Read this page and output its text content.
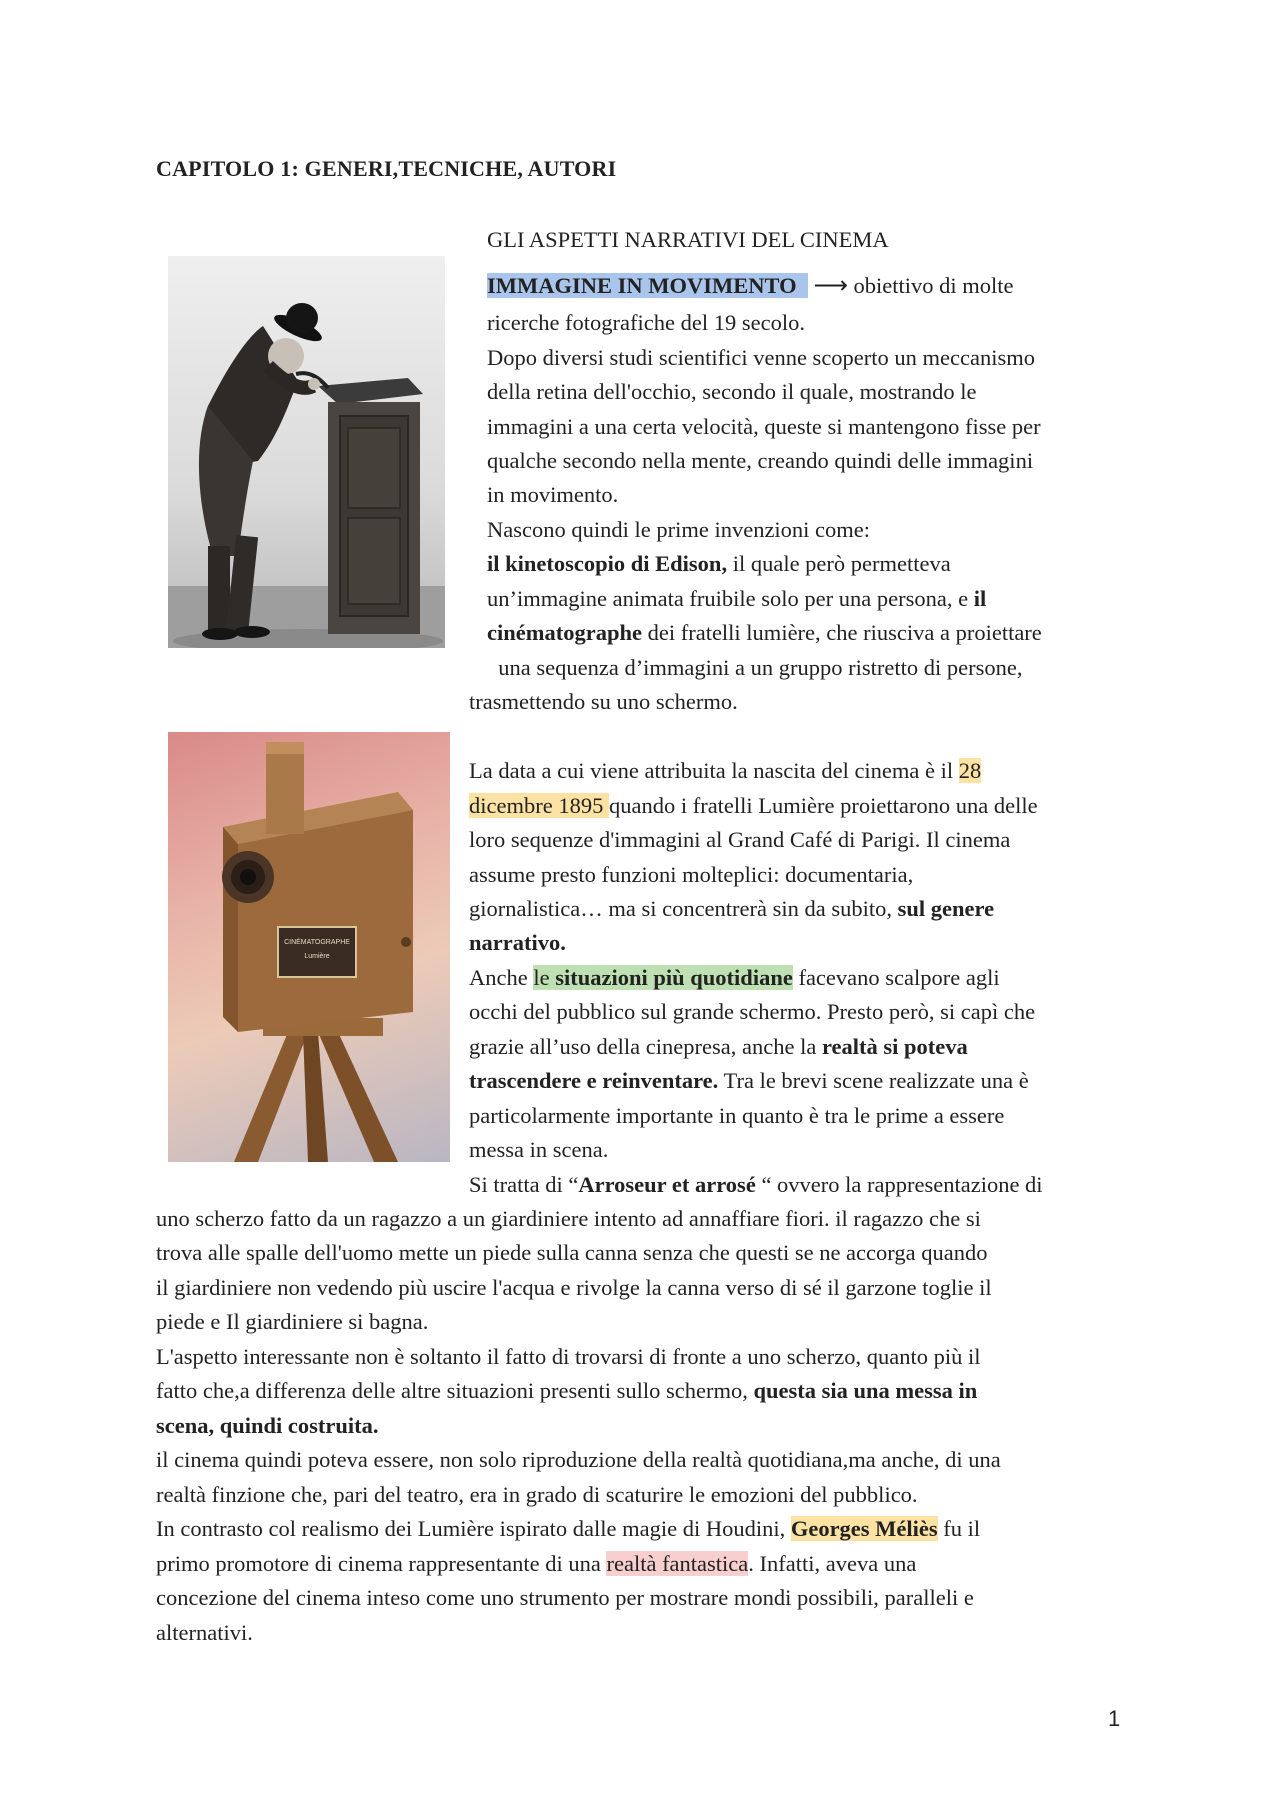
CAPITOLO 1: GENERI,TECNICHE, AUTORI
GLI ASPETTI NARRATIVI DEL CINEMA
CINÉMATOGRAPHE
Lumière
IMMAGINE IN MOVIMENTO ⟶ obiettivo di molte
ricerche fotografiche del 19 secolo.
Dopo diversi studi scientifici venne scoperto un meccanismo
della retina dell'occhio, secondo il quale, mostrando le
immagini a una certa velocità, queste si mantengono fisse per
qualche secondo nella mente, creando quindi delle immagini
in movimento.
Nascono quindi le prime invenzioni come:
il kinetoscopio di Edison, il quale però permetteva
un’immagine animata fruibile solo per una persona, e il
cinématographe dei fratelli lumière, che riusciva a proiettare
una sequenza d’immagini a un gruppo ristretto di persone,
trasmettendo su uno schermo.
La data a cui viene attribuita la nascita del cinema è il 28
dicembre 1895 quando i fratelli Lumière proiettarono una delle
loro sequenze d'immagini al Grand Café di Parigi. Il cinema
assume presto funzioni molteplici: documentaria,
giornalistica… ma si concentrerà sin da subito, sul genere
narrativo.
Anche le situazioni più quotidiane facevano scalpore agli
occhi del pubblico sul grande schermo. Presto però, si capì che
grazie all’uso della cinepresa, anche la realtà si poteva
trascendere e reinventare. Tra le brevi scene realizzate una è
particolarmente importante in quanto è tra le prime a essere
messa in scena.
Si tratta di “Arroseur et arrosé “ ovvero la rappresentazione di
uno scherzo fatto da un ragazzo a un giardiniere intento ad annaffiare fiori. il ragazzo che si
trova alle spalle dell'uomo mette un piede sulla canna senza che questi se ne accorga quando
il giardiniere non vedendo più uscire l'acqua e rivolge la canna verso di sé il garzone toglie il
piede e Il giardiniere si bagna.
L'aspetto interessante non è soltanto il fatto di trovarsi di fronte a uno scherzo, quanto più il
fatto che,a differenza delle altre situazioni presenti sullo schermo, questa sia una messa in
scena, quindi costruita.
il cinema quindi poteva essere, non solo riproduzione della realtà quotidiana,ma anche, di una
realtà finzione che, pari del teatro, era in grado di scaturire le emozioni del pubblico.
In contrasto col realismo dei Lumière ispirato dalle magie di Houdini, Georges Méliès fu il
primo promotore di cinema rappresentante di una realtà fantastica. Infatti, aveva una
concezione del cinema inteso come uno strumento per mostrare mondi possibili, paralleli e
alternativi.
1
